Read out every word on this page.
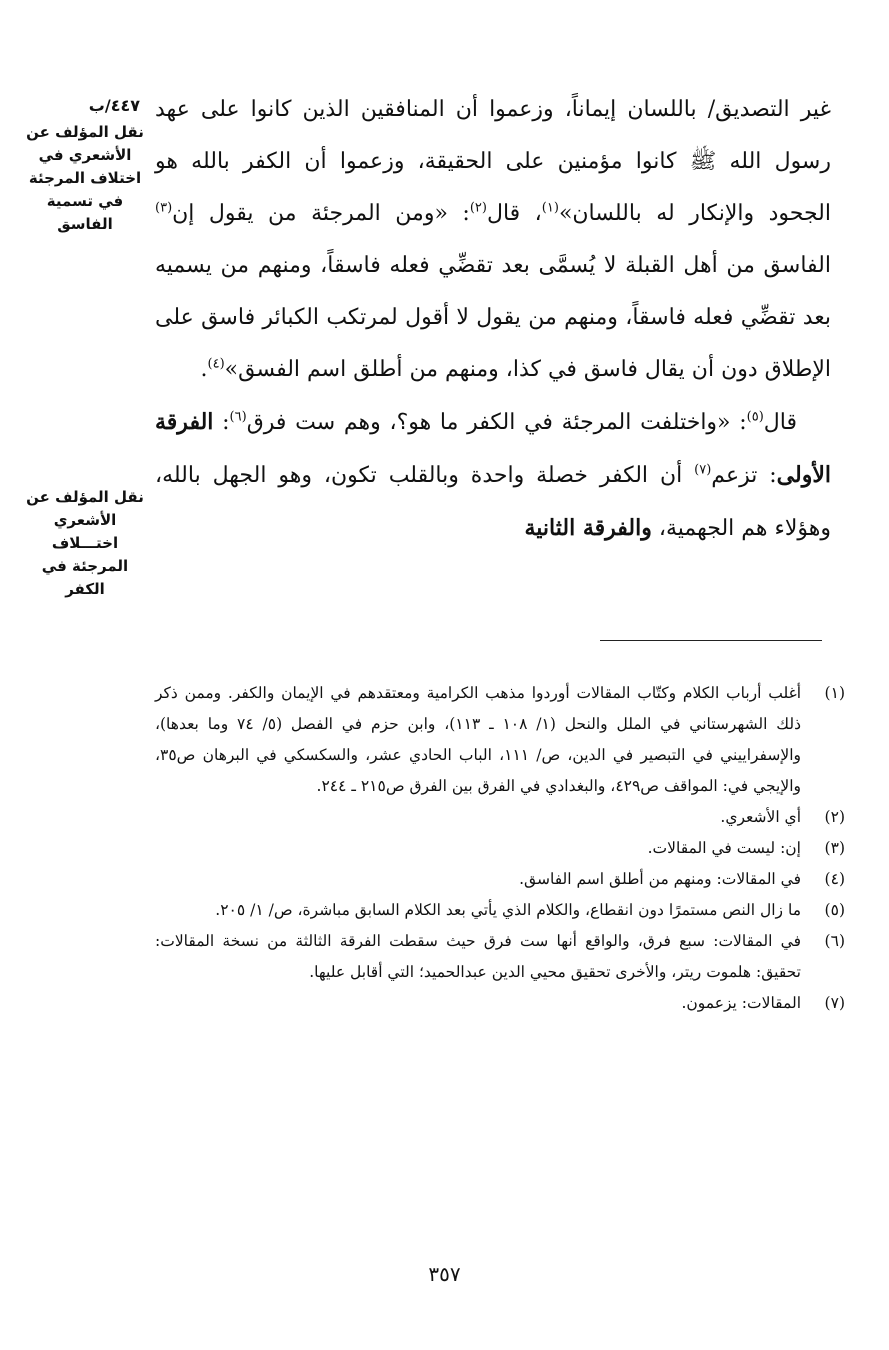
٤٤٧/ب
نقل المؤلف عن الأشعري في اختلاف المرجئة في تسمية الفاسق
نقل المؤلف عن الأشعري اختـــلاف المرجئة في الكفر

غير التصديق/ باللسان إيماناً، وزعموا أن المنافقين الذين كانوا على عهد رسول الله ﷺ كانوا مؤمنين على الحقيقة، وزعموا أن الكفر بالله هو الجحود والإنكار له باللسان»$^{(١)}$، قال$^{(٢)}$: «ومن المرجئة من يقول إن$^{(٣)}$ الفاسق من أهل القبلة لا يُسمَّى بعد تقضِّي فعله فاسقاً، ومنهم من يسميه بعد تقضِّي فعله فاسقاً، ومنهم من يقول لا أقول لمرتكب الكبائر فاسق على الإطلاق دون أن يقال فاسق في كذا، ومنهم من أطلق اسم الفسق»$^{(٤)}$.

قال$^{(٥)}$: «واختلفت المرجئة في الكفر ما هو؟، وهم ست فرق$^{(٦)}$: الفرقة الأولى: تزعم$^{(٧)}$ أن الكفر خصلة واحدة وبالقلب تكون، وهو الجهل بالله، وهؤلاء هم الجهمية، والفرقة الثانية

(١)
أغلب أرباب الكلام وكتّاب المقالات أوردوا مذهب الكرامية ومعتقدهم في الإيمان والكفر. وممن ذكر ذلك الشهرستاني في الملل والنحل (١/ ١٠٨ ـ ١١٣)، وابن حزم في الفصل (٥/ ٧٤ وما بعدها)، والإسفراييني في التبصير في الدين، ص/ ١١١، الباب الحادي عشر، والسكسكي في البرهان ص٣٥، والإيجي في: المواقف ص٤٢٩، والبغدادي في الفرق بين الفرق ص٢١٥ ـ ٢٤٤.
(٢)
أي الأشعري.
(٣)
إن: ليست في المقالات.
(٤)
في المقالات: ومنهم من أطلق اسم الفاسق.
(٥)
ما زال النص مستمرًا دون انقطاع، والكلام الذي يأتي بعد الكلام السابق مباشرة، ص/ ١/ ٢٠٥.
(٦)
في المقالات: سبع فرق، والواقع أنها ست فرق حيث سقطت الفرقة الثالثة من نسخة المقالات: تحقيق: هلموت ريتر، والأخرى تحقيق محيي الدين عبدالحميد؛ التي أقابل عليها.
(٧)
المقالات: يزعمون.
٣٥٧
